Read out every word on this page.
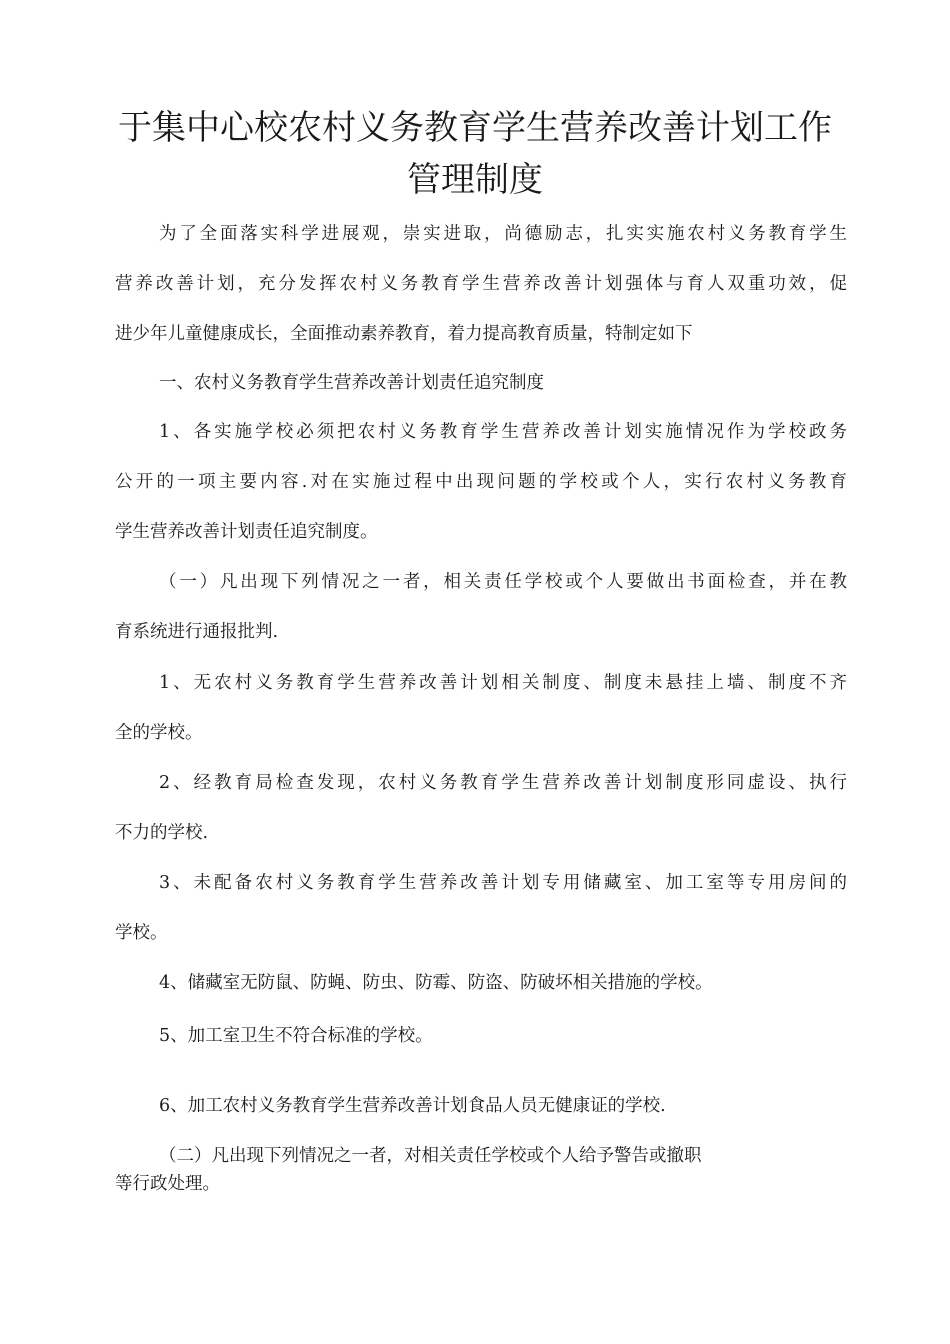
于集中心校农村义务教育学生营养改善计划工作
管理制度
为了全面落实科学进展观，崇实进取，尚德励志，扎实实施农村义务教育学生
营养改善计划，充分发挥农村义务教育学生营养改善计划强体与育人双重功效，促
进少年儿童健康成长，全面推动素养教育，着力提高教育质量，特制定如下
一、农村义务教育学生营养改善计划责任追究制度
1、各实施学校必须把农村义务教育学生营养改善计划实施情况作为学校政务
公开的一项主要内容.对在实施过程中出现问题的学校或个人，实行农村义务教育
学生营养改善计划责任追究制度。
（一）凡出现下列情况之一者，相关责任学校或个人要做出书面检查，并在教
育系统进行通报批判.
1、无农村义务教育学生营养改善计划相关制度、制度未悬挂上墙、制度不齐
全的学校。
2、经教育局检查发现，农村义务教育学生营养改善计划制度形同虚设、执行
不力的学校.
3、未配备农村义务教育学生营养改善计划专用储藏室、加工室等专用房间的
学校。
4、储藏室无防鼠、防蝇、防虫、防霉、防盗、防破坏相关措施的学校。
5、加工室卫生不符合标准的学校。
6、加工农村义务教育学生营养改善计划食品人员无健康证的学校.
（二）凡出现下列情况之一者，对相关责任学校或个人给予警告或撤职
等行政处理。
